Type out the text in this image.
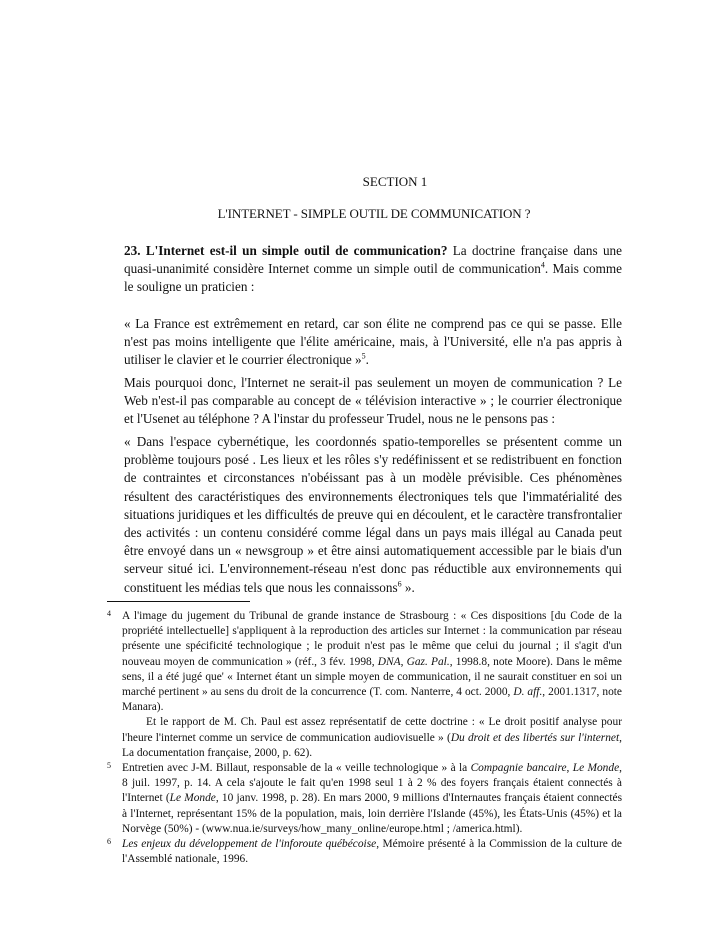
SECTION 1
L'INTERNET - SIMPLE OUTIL DE COMMUNICATION ?
23. L'Internet est-il un simple outil de communication? La doctrine française dans une quasi-unanimité considère Internet comme un simple outil de communication$^4$. Mais comme le souligne un praticien :
« La France est extrêmement en retard, car son élite ne comprend pas ce qui se passe. Elle n'est pas moins intelligente que l'élite américaine, mais, à l'Université, elle n'a pas appris à utiliser le clavier et le courrier électronique »$^5$.
Mais pourquoi donc, l'Internet ne serait-il pas seulement un moyen de communication ? Le Web n'est-il pas comparable au concept de « télévision interactive » ; le courrier électronique et l'Usenet au téléphone ? A l'instar du professeur Trudel, nous ne le pensons pas :
« Dans l'espace cybernétique, les coordonnés spatio-temporelles se présentent comme un problème toujours posé . Les lieux et les rôles s'y redéfinissent et se redistribuent en fonction de contraintes et circonstances n'obéissant pas à un modèle prévisible. Ces phénomènes résultent des caractéristiques des environnements électroniques tels que l'immatérialité des situations juridiques et les difficultés de preuve qui en découlent, et le caractère transfrontalier des activités : un contenu considéré comme légal dans un pays mais illégal au Canada peut être envoyé dans un « newsgroup » et être ainsi automatiquement accessible par le biais d'un serveur situé ici. L'environnement-réseau n'est donc pas réductible aux environnements qui constituent les médias tels que nous les connaissons$^6$ ».

4 A l'image du jugement du Tribunal de grande instance de Strasbourg : « Ces dispositions [du Code de la propriété intellectuelle] s'appliquent à la reproduction des articles sur Internet : la communication par réseau présente une spécificité technologique ; le produit n'est pas le même que celui du journal ; il s'agit d'un nouveau moyen de communication » (réf., 3 fév. 1998, DNA, Gaz. Pal., 1998.8, note Moore). Dans le même sens, il a été jugé que' « Internet étant un simple moyen de communication, il ne saurait constituer en soi un marché pertinent » au sens du droit de la concurrence (T. com. Nanterre, 4 oct. 2000, D. aff., 2001.1317, note Manara).
Et le rapport de M. Ch. Paul est assez représentatif de cette doctrine : « Le droit positif analyse pour l'heure l'internet comme un service de communication audiovisuelle » (Du droit et des libertés sur l'internet, La documentation française, 2000, p. 62).

5 Entretien avec J-M. Billaut, responsable de la « veille technologique » à la Compagnie bancaire, Le Monde, 8 juil. 1997, p. 14. A cela s'ajoute le fait qu'en 1998 seul 1 à 2 % des foyers français étaient connectés à l'Internet (Le Monde, 10 janv. 1998, p. 28). En mars 2000, 9 millions d'Internautes français étaient connectés à l'Internet, représentant 15% de la population, mais, loin derrière l'Islande (45%), les États-Unis (45%) et la Norvège (50%) - (www.nua.ie/surveys/how_many_online/europe.html ; /america.html).

6 Les enjeux du développement de l'inforoute québécoise, Mémoire présenté à la Commission de la culture de l'Assemblé nationale, 1996.
